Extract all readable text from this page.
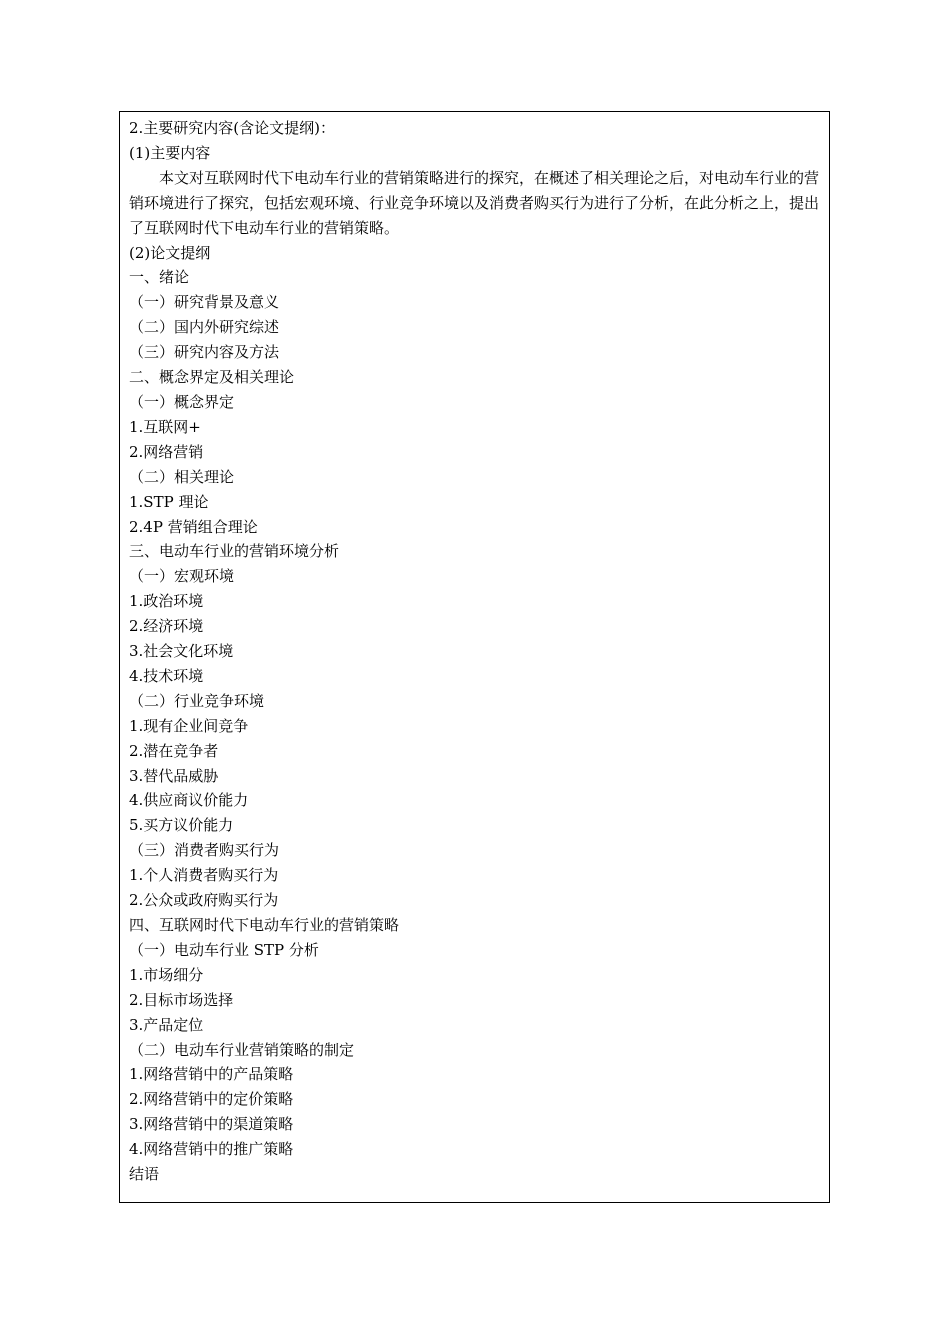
2.主要研究内容(含论文提纲)：

(1)主要内容

本文对互联网时代下电动车行业的营销策略进行的探究，在概述了相关理论之后，对电动车行业的营销环境进行了探究，包括宏观环境、行业竞争环境以及消费者购买行为进行了分析，在此分析之上，提出了互联网时代下电动车行业的营销策略。

(2)论文提纲

一、绪论

（一）研究背景及意义

（二）国内外研究综述

（三）研究内容及方法

二、概念界定及相关理论

（一）概念界定

1.互联网+

2.网络营销

（二）相关理论

1.STP 理论

2.4P 营销组合理论

三、电动车行业的营销环境分析

（一）宏观环境

1.政治环境

2.经济环境

3.社会文化环境

4.技术环境

（二）行业竞争环境

1.现有企业间竞争

2.潜在竞争者

3.替代品威胁

4.供应商议价能力

5.买方议价能力

（三）消费者购买行为

1.个人消费者购买行为

2.公众或政府购买行为

四、互联网时代下电动车行业的营销策略

（一）电动车行业 STP 分析

1.市场细分

2.目标市场选择

3.产品定位

（二）电动车行业营销策略的制定

1.网络营销中的产品策略

2.网络营销中的定价策略

3.网络营销中的渠道策略

4.网络营销中的推广策略

结语
